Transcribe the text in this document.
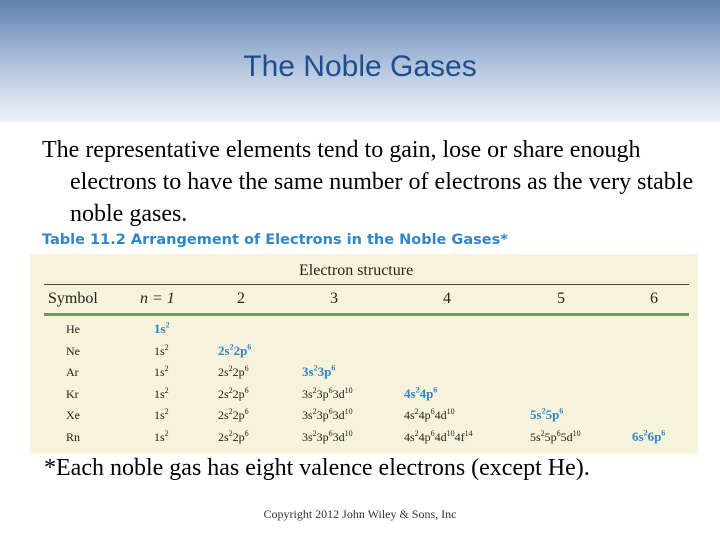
The Noble Gases

The representative elements tend to gain, lose or share enough electrons to have the same number of electrons as the very stable noble gases.

Table 11.2 Arrangement of Electrons in the Noble Gases*
Electron structure
Symbol	n = 1	2	3	4	5	6
He	$1s^2$
Ne	$1s^2$	$2s^22p^6$
Ar	$1s^2$	$2s^22p^6$	$3s^23p^6$
Kr	$1s^2$	$2s^22p^6$	$3s^23p^63d^{10}$	$4s^24p^6$
Xe	$1s^2$	$2s^22p^6$	$3s^23p^63d^{10}$	$4s^24p^64d^{10}$	$5s^25p^6$
Rn	$1s^2$	$2s^22p^6$	$3s^23p^63d^{10}$	$4s^24p^64d^{10}4f^{14}$	$5s^25p^65d^{10}$	$6s^26p^6$
*Each noble gas has eight valence electrons (except He).
Copyright 2012 John Wiley & Sons, Inc
